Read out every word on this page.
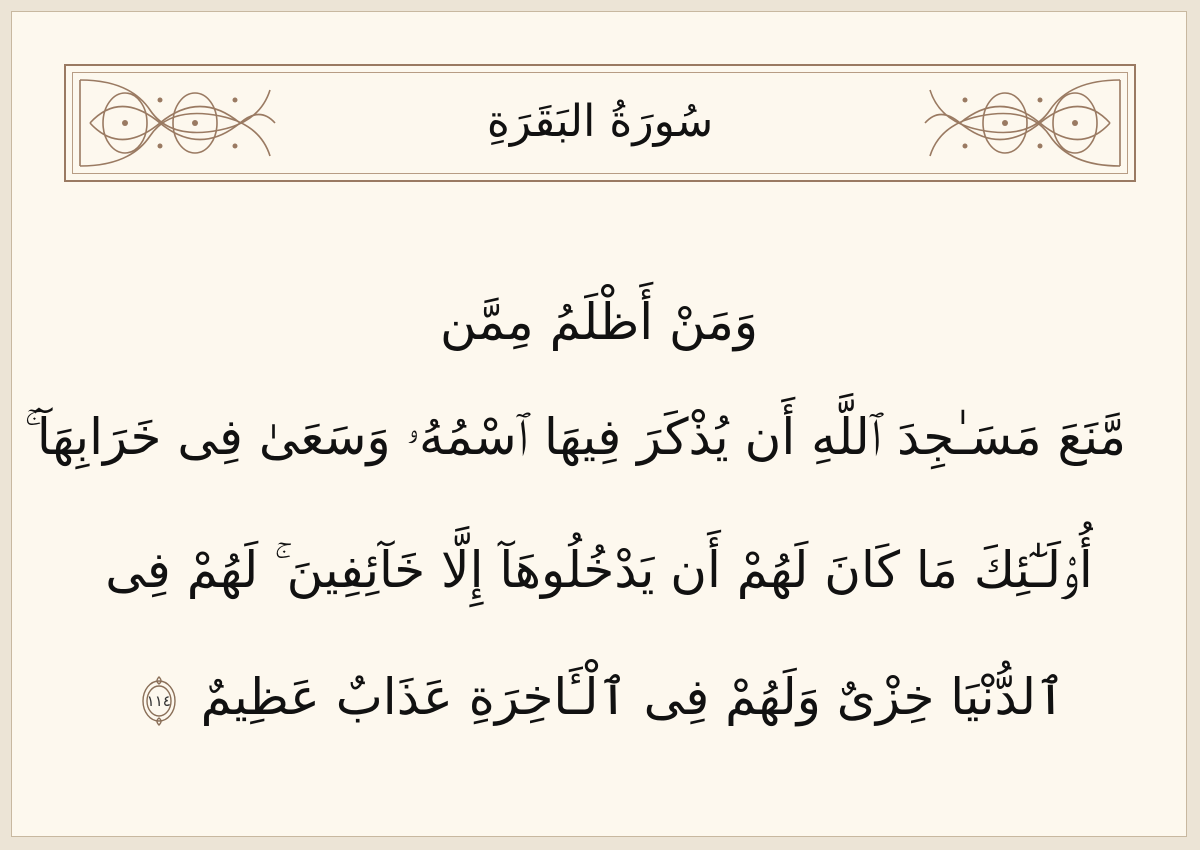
سُورَةُ البَقَرَةِ
وَمَنْ أَظْلَمُ مِمَّن
مَّنَعَ مَسَـٰجِدَ ٱللَّهِ أَن يُذْكَرَ فِيهَا ٱسْمُهُۥ وَسَعَىٰ فِى خَرَابِهَآ ۚ
أُو۟لَـٰٓئِكَ مَا كَانَ لَهُمْ أَن يَدْخُلُوهَآ إِلَّا خَآئِفِينَ ۚ لَهُمْ فِى
ٱلدُّنْيَا خِزْىٌ وَلَهُمْ فِى ٱلْـَٔاخِرَةِ عَذَابٌ عَظِيمٌ
١١٤
